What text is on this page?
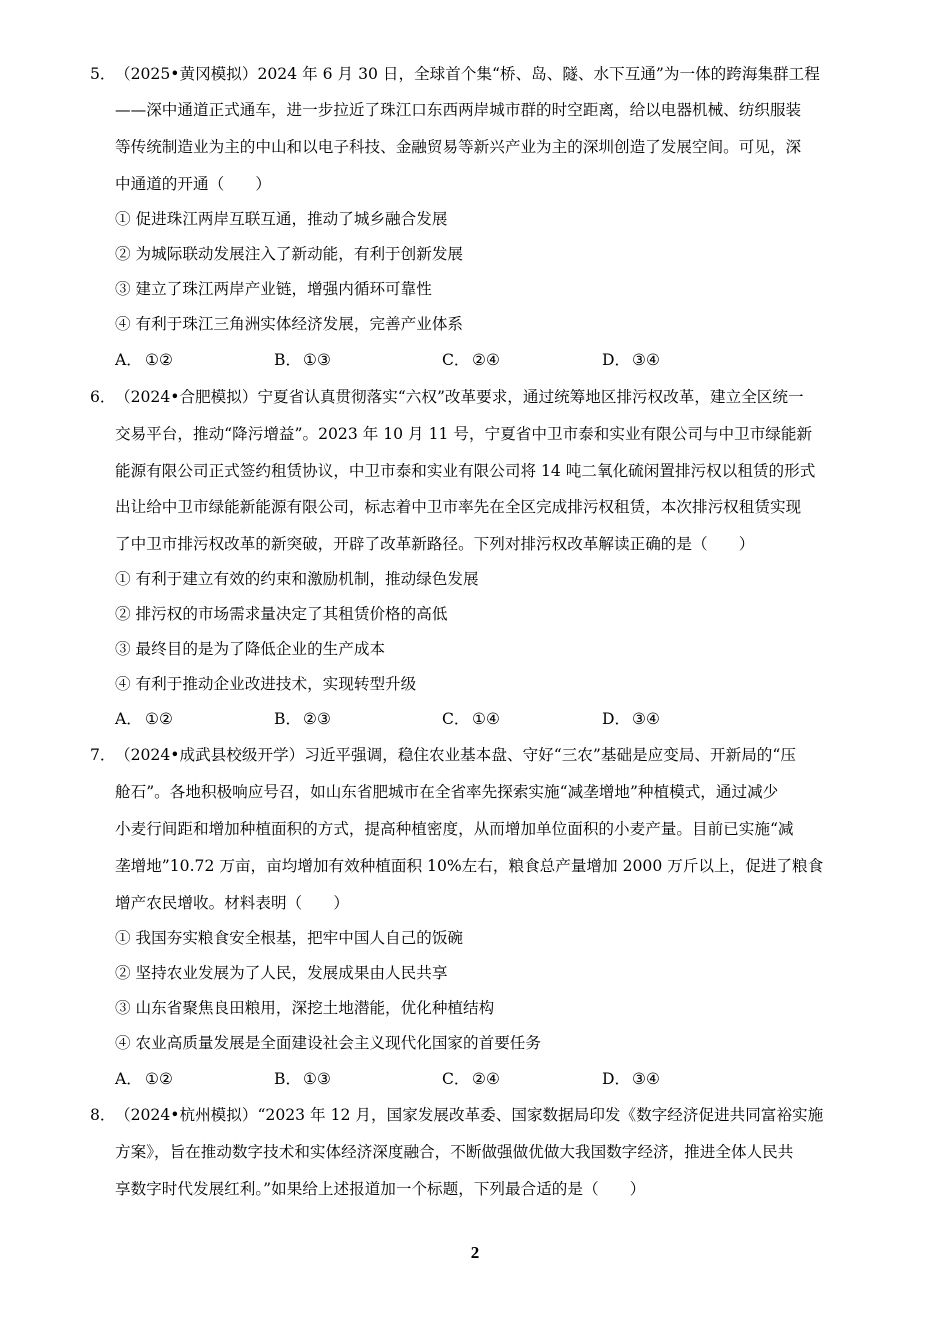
5． （2025•黄冈模拟）2024 年 6 月 30 日，全球首个集“桥、岛、隧、水下互通”为一体的跨海集群工程
——深中通道正式通车，进一步拉近了珠江口东西两岸城市群的时空距离，给以电器机械、纺织服装
等传统制造业为主的中山和以电子科技、金融贸易等新兴产业为主的深圳创造了发展空间。可见，深
中通道的开通（　　）
① 促进珠江两岸互联互通，推动了城乡融合发展
② 为城际联动发展注入了新动能，有利于创新发展
③ 建立了珠江两岸产业链，增强内循环可靠性
④ 有利于珠江三角洲实体经济发展，完善产业体系
A． ①②	B． ①③	C． ②④	D． ③④
6． （2024•合肥模拟）宁夏省认真贯彻落实“六权”改革要求，通过统筹地区排污权改革，建立全区统一
交易平台，推动“降污增益”。2023 年 10 月 11 号，宁夏省中卫市泰和实业有限公司与中卫市绿能新
能源有限公司正式签约租赁协议，中卫市泰和实业有限公司将 14 吨二氧化硫闲置排污权以租赁的形式
出让给中卫市绿能新能源有限公司，标志着中卫市率先在全区完成排污权租赁，本次排污权租赁实现
了中卫市排污权改革的新突破，开辟了改革新路径。下列对排污权改革解读正确的是（　　）
① 有利于建立有效的约束和激励机制，推动绿色发展
② 排污权的市场需求量决定了其租赁价格的高低
③ 最终目的是为了降低企业的生产成本
④ 有利于推动企业改进技术，实现转型升级
A． ①②	B． ②③	C． ①④	D． ③④
7． （2024•成武县校级开学）习近平强调，稳住农业基本盘、守好“三农”基础是应变局、开新局的“压
舱石”。各地积极响应号召，如山东省肥城市在全省率先探索实施“减垄增地”种植模式，通过减少
小麦行间距和增加种植面积的方式，提高种植密度，从而增加单位面积的小麦产量。目前已实施“减
垄增地”10.72 万亩，亩均增加有效种植面积 10%左右，粮食总产量增加 2000 万斤以上，促进了粮食
增产农民增收。材料表明（　　）
① 我国夯实粮食安全根基，把牢中国人自己的饭碗
② 坚持农业发展为了人民，发展成果由人民共享
③ 山东省聚焦良田粮用，深挖土地潜能，优化种植结构
④ 农业高质量发展是全面建设社会主义现代化国家的首要任务
A． ①②	B． ①③	C． ②④	D． ③④
8． （2024•杭州模拟）“2023 年 12 月，国家发展改革委、国家数据局印发《数字经济促进共同富裕实施
方案》，旨在推动数字技术和实体经济深度融合，不断做强做优做大我国数字经济，推进全体人民共
享数字时代发展红利。”如果给上述报道加一个标题，下列最合适的是（　　）
2
